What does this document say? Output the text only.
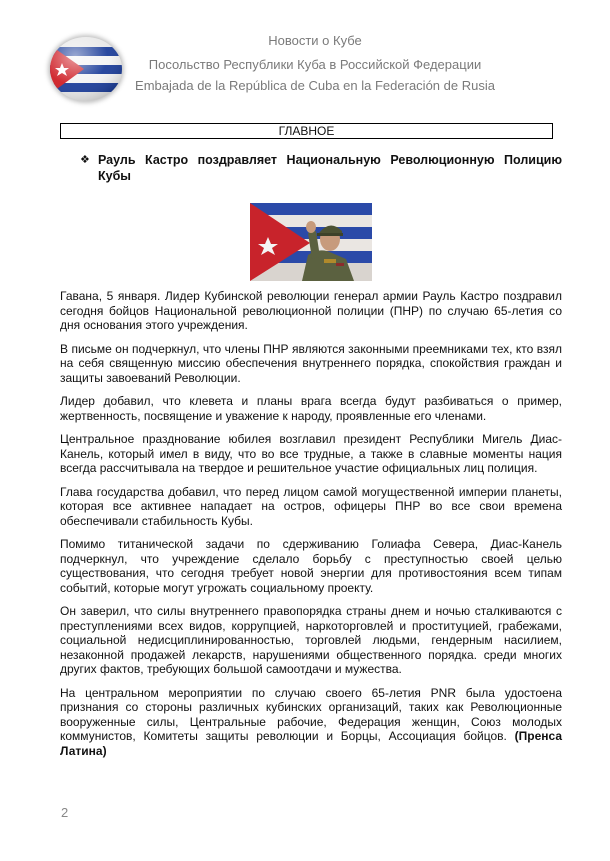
Новости о Кубе
Посольство Республики Куба в Российской Федерации
Embajada de la República de Cuba en la Federación de Rusia
ГЛАВНОЕ
❖ Рауль Кастро поздравляет Национальную Революционную Полицию Кубы

Гавана, 5 января. Лидер Кубинской революции генерал армии Рауль Кастро поздравил сегодня бойцов Национальной революционной полиции (ПНР) по случаю 65-летия со дня основания этого учреждения.

В письме он подчеркнул, что члены ПНР являются законными преемниками тех, кто взял на себя священную миссию обеспечения внутреннего порядка, спокойствия граждан и защиты завоеваний Революции.

Лидер добавил, что клевета и планы врага всегда будут разбиваться о пример, жертвенность, посвящение и уважение к народу, проявленные его членами.

Центральное празднование юбилея возглавил президент Республики Мигель Диас-Канель, который имел в виду, что во все трудные, а также в славные моменты нация всегда рассчитывала на твердое и решительное участие официальных лиц полиция.

Глава государства добавил, что перед лицом самой могущественной империи планеты, которая все активнее нападает на остров, офицеры ПНР во все свои времена обеспечивали стабильность Кубы.

Помимо титанической задачи по сдерживанию Голиафа Севера, Диас-Канель подчеркнул, что учреждение сделало борьбу с преступностью своей целью существования, что сегодня требует новой энергии для противостояния всем типам событий, которые могут угрожать социальному проекту.

Он заверил, что силы внутреннего правопорядка страны днем и ночью сталкиваются с преступлениями всех видов, коррупцией, наркоторговлей и проституцией, грабежами, социальной недисциплинированностью, торговлей людьми, гендерным насилием, незаконной продажей лекарств, нарушениями общественного порядка. среди многих других фактов, требующих большой самоотдачи и мужества.

На центральном мероприятии по случаю своего 65-летия PNR была удостоена признания со стороны различных кубинских организаций, таких как Революционные вооруженные силы, Центральные рабочие, Федерация женщин, Союз молодых коммунистов, Комитеты защиты революции и Борцы, Ассоциация бойцов. (Пренса Латина)

2
